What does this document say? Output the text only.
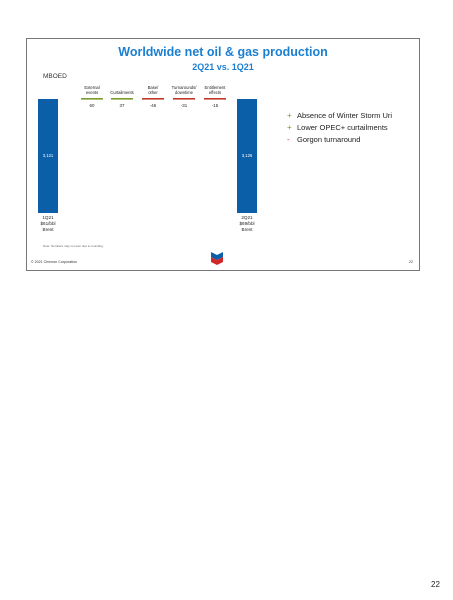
Worldwide net oil & gas production
2Q21 vs. 1Q21
MBOED
3,121	3,126
External
events
60
Curtailments
37
Base/
other
-46
Turnarounds/
downtime
-31
Entitlement
effects
-15
1Q21
$61/bbl
Brent
2Q21
$69/bbl
Brent
+ Absence of Winter Storm Uri
+ Lower OPEC+ curtailments
- Gorgon turnaround
Note: Numbers may not sum due to rounding.
© 2021 Chevron Corporation	22
22
